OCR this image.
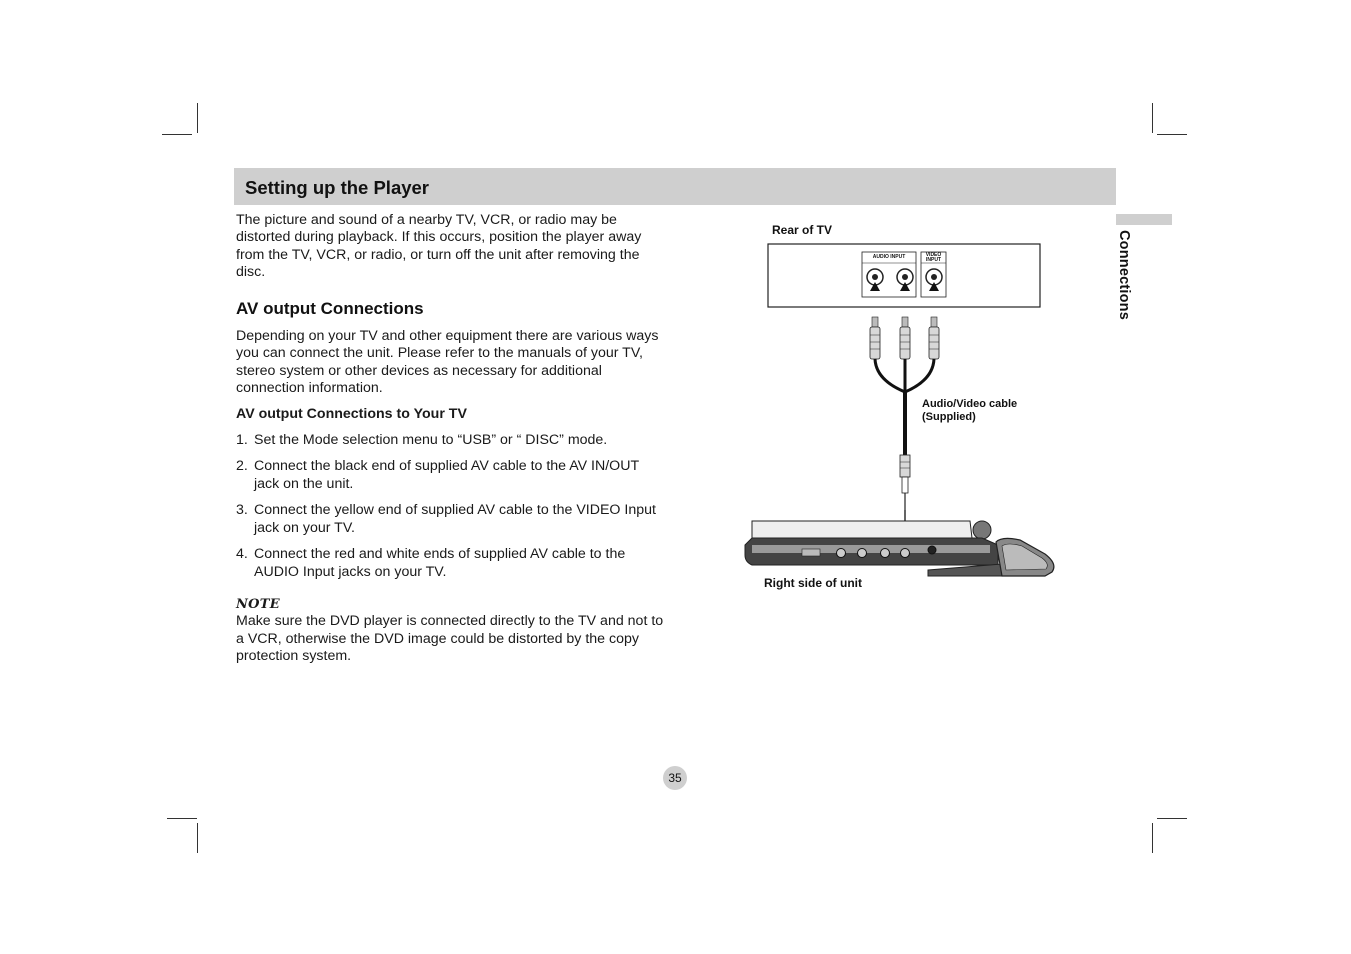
Setting up the Player
Connections

The picture and sound of a nearby TV, VCR, or radio may be distorted during playback. If this occurs, position the player away from the TV, VCR, or radio, or turn off the unit after removing the disc.

AV output Connections

Depending on your TV and other equipment there are various ways you can connect the unit. Please refer to the manuals of your TV, stereo system or other devices as necessary for additional connection information.

AV output Connections to Your TV
1. Set the Mode selection menu to “USB” or “ DISC” mode.
2. Connect the black end of supplied AV cable to the AV IN/OUT jack on the unit.
3. Connect the yellow end of supplied AV cable to the VIDEO Input jack on your TV.
4. Connect the red and white ends of supplied AV cable to the AUDIO Input jacks on your TV.

NOTE

Make sure the DVD player is connected directly to the TV and not to a VCR, otherwise the DVD image could be distorted by the copy protection system.

Rear of TV
AUDIO INPUT	VIDEO
INPUT
Audio/Video cable
(Supplied)
Right side of unit
35
